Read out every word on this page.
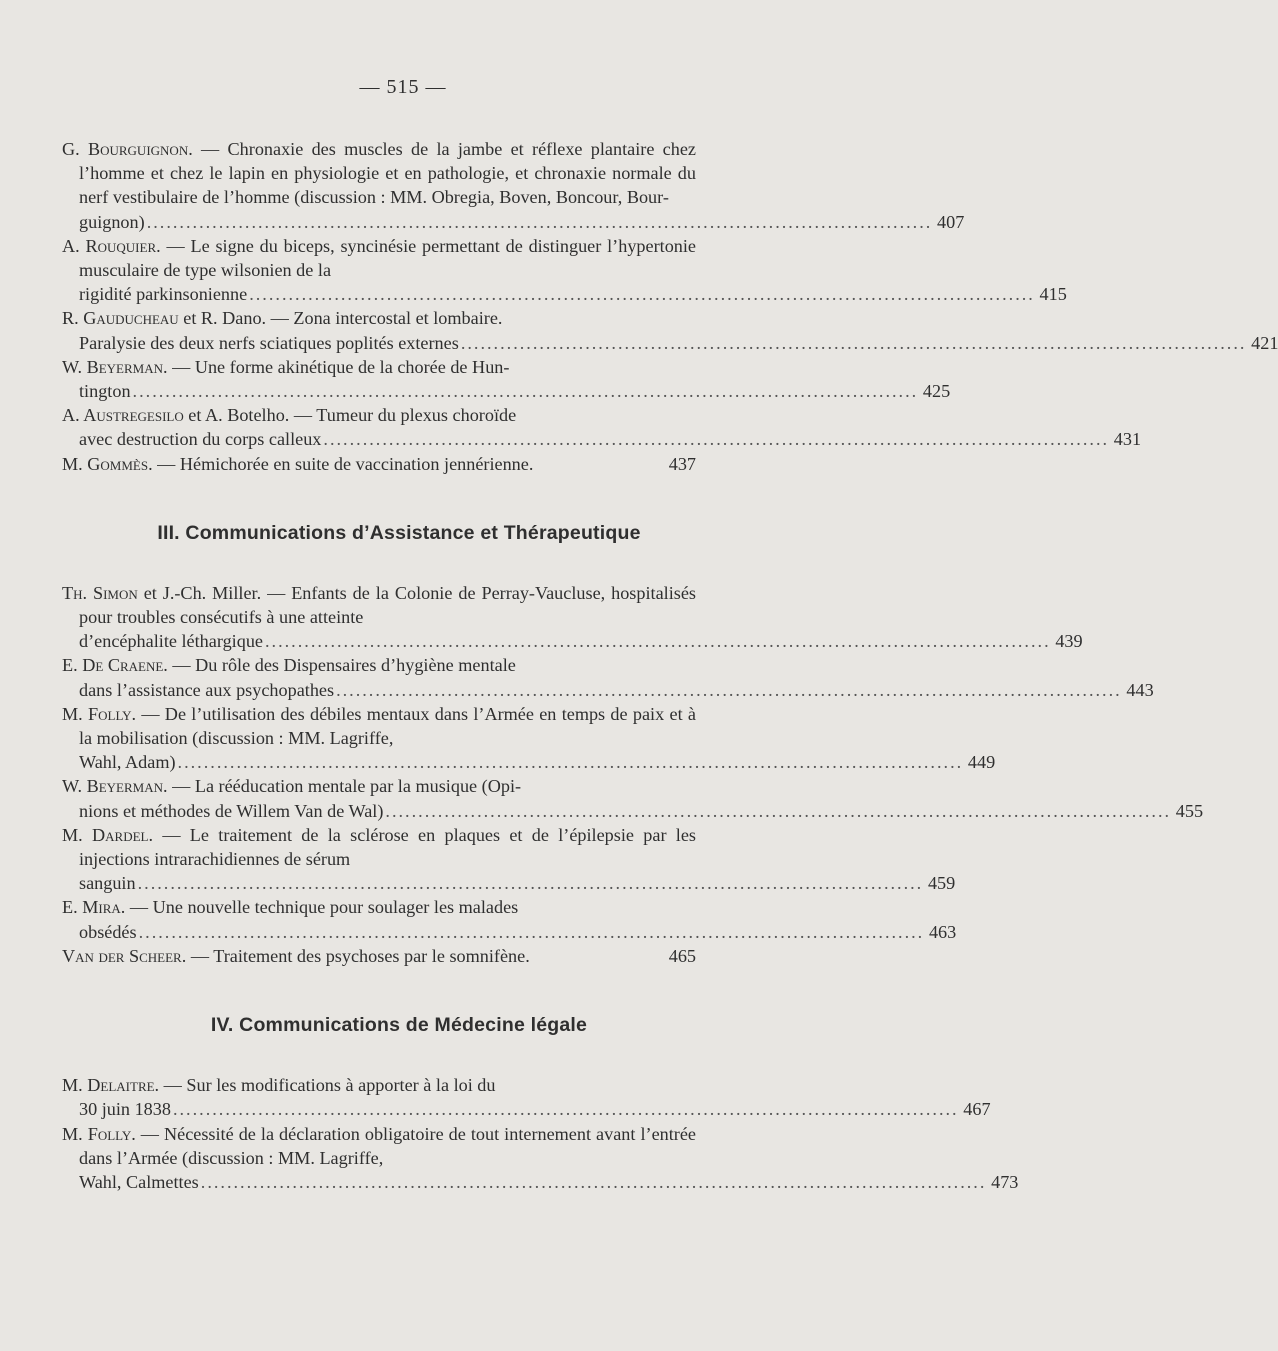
— 515 —
G. Bourguignon. — Chronaxie des muscles de la jambe et réflexe plantaire chez l’homme et chez le lapin en physiologie et en pathologie, et chronaxie normale du nerf vestibulaire de l’homme (discussion : MM. Obregia, Boven, Boncour, Bour-
guignon) ........................................................................................................................ 407
A. Rouquier. — Le signe du biceps, syncinésie permettant de distinguer l’hypertonie musculaire de type wilsonien de la
rigidité parkinsonienne ........................................................................................................................ 415
R. Gauducheau et R. Dano. — Zona intercostal et lombaire.
Paralysie des deux nerfs sciatiques poplités externes ........................................................................................................................ 421
W. Beyerman. — Une forme akinétique de la chorée de Hun-
tington ........................................................................................................................ 425
A. Austregesilo et A. Botelho. — Tumeur du plexus choroïde
avec destruction du corps calleux ........................................................................................................................ 431
M. Gommès. — Hémichorée en suite de vaccination jennérienne.	437
III. Communications d’Assistance et Thérapeutique
Th. Simon et J.-Ch. Miller. — Enfants de la Colonie de Perray-Vaucluse, hospitalisés pour troubles consécutifs à une atteinte
d’encéphalite léthargique ........................................................................................................................ 439
E. De Craene. — Du rôle des Dispensaires d’hygiène mentale
dans l’assistance aux psychopathes ........................................................................................................................ 443
M. Folly. — De l’utilisation des débiles mentaux dans l’Armée en temps de paix et à la mobilisation (discussion : MM. Lagriffe,
Wahl, Adam) ........................................................................................................................ 449
W. Beyerman. — La rééducation mentale par la musique (Opi-
nions et méthodes de Willem Van de Wal) ........................................................................................................................ 455
M. Dardel. — Le traitement de la sclérose en plaques et de l’épilepsie par les injections intrarachidiennes de sérum
sanguin ........................................................................................................................ 459
E. Mira. — Une nouvelle technique pour soulager les malades
obsédés ........................................................................................................................ 463
Van der Scheer. — Traitement des psychoses par le somnifène.	465
IV. Communications de Médecine légale
M. Delaitre. — Sur les modifications à apporter à la loi du
30 juin 1838 ........................................................................................................................ 467
M. Folly. — Nécessité de la déclaration obligatoire de tout internement avant l’entrée dans l’Armée (discussion : MM. Lagriffe,
Wahl, Calmettes ........................................................................................................................ 473
